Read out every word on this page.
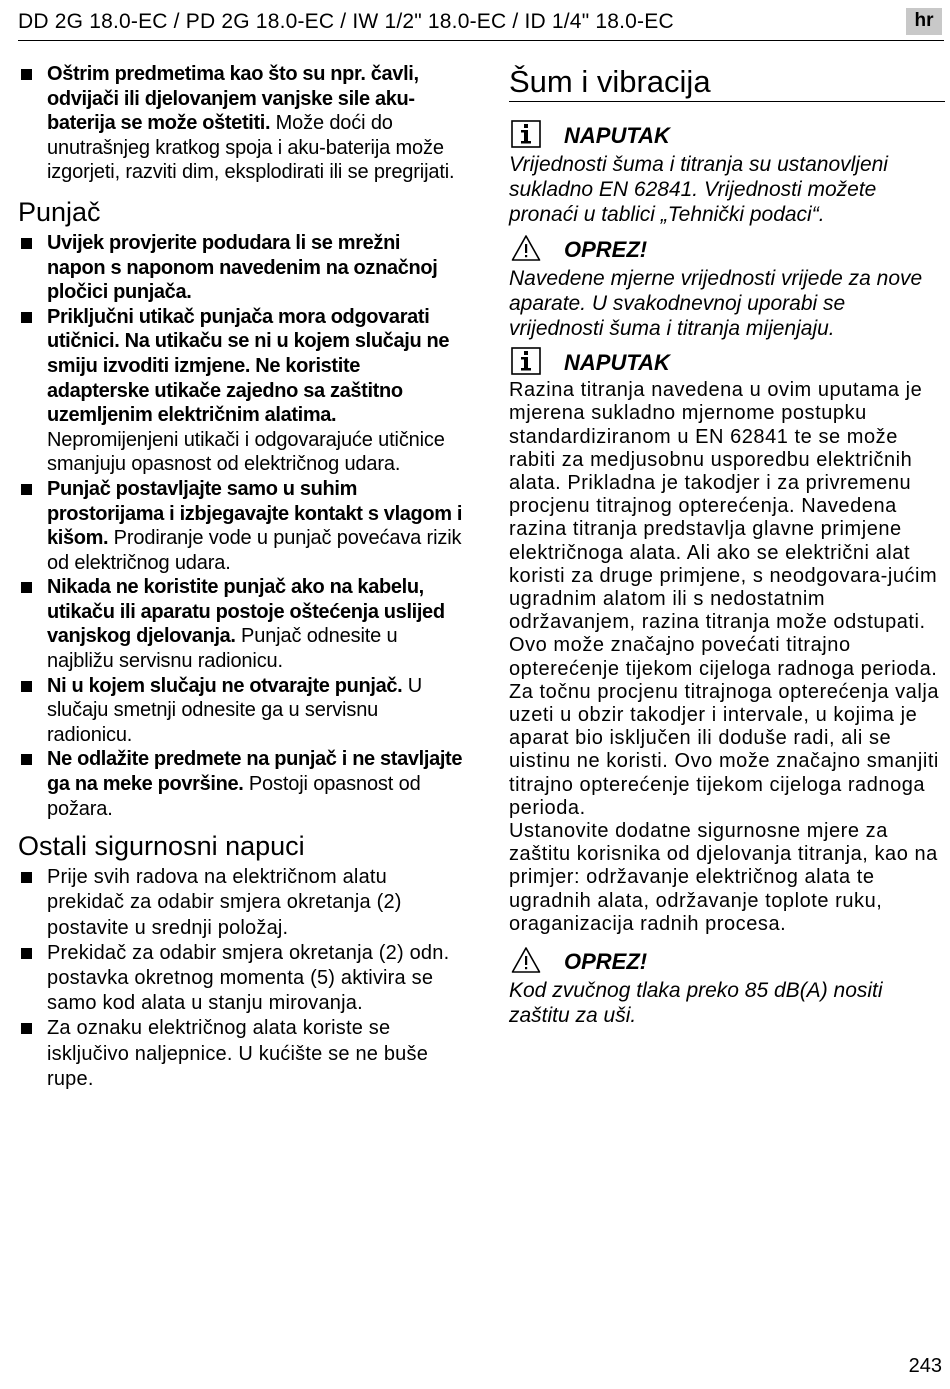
DD 2G 18.0-EC / PD 2G 18.0-EC / IW 1/2" 18.0-EC / ID 1/4" 18.0-EC	hr
Oštrim predmetima kao što su npr. čavli, odvijači ili djelovanjem vanjske sile aku-baterija se može oštetiti. Može doći do unutrašnjeg kratkog spoja i aku-baterija može izgorjeti, razviti dim, eksplodirati ili se pregrijati.
Punjač
Uvijek provjerite podudara li se mrežni napon s naponom navedenim na označnoj pločici punjača.
Priključni utikač punjača mora odgovarati utičnici. Na utikaču se ni u kojem slučaju ne smiju izvoditi izmjene. Ne koristite adapterske utikače zajedno sa zaštitno uzemljenim električnim alatima. Nepromijenjeni utikači i odgovarajuće utičnice smanjuju opasnost od električnog udara.
Punjač postavljajte samo u suhim prostorijama i izbjegavajte kontakt s vlagom i kišom. Prodiranje vode u punjač povećava rizik od električnog udara.
Nikada ne koristite punjač ako na kabelu, utikaču ili aparatu postoje oštećenja uslijed vanjskog djelovanja. Punjač odnesite u najbližu servisnu radionicu.
Ni u kojem slučaju ne otvarajte punjač. U slučaju smetnji odnesite ga u servisnu radionicu.
Ne odlažite predmete na punjač i ne stavljajte ga na meke površine. Postoji opasnost od požara.
Ostali sigurnosni napuci
Prije svih radova na električnom alatu prekidač za odabir smjera okretanja (2) postavite u srednji položaj.
Prekidač za odabir smjera okretanja (2) odn. postavka okretnog momenta (5) aktivira se samo kod alata u stanju mirovanja.
Za oznaku električnog alata koriste se isključivo naljepnice. U kućište se ne buše rupe.
Šum i vibracija
NAPUTAK
Vrijednosti šuma i titranja su ustanovljeni sukladno EN 62841. Vrijednosti možete pronaći u tablici „Tehnički podaci“.
OPREZ!
Navedene mjerne vrijednosti vrijede za nove aparate. U svakodnevnoj uporabi se vrijednosti šuma i titranja mijenjaju.
NAPUTAK
Razina titranja navedena u ovim uputama je mjerena sukladno mjernome postupku standardiziranom u EN 62841 te se može rabiti za medjusobnu usporedbu električnih alata. Prikladna je takodjer i za privremenu procjenu titrajnog opterećenja. Navedena razina titranja predstavlja glavne primjene električnoga alata. Ali ako se električni alat koristi za druge primjene, s neodgovara-jućim ugradnim alatom ili s nedostatnim održavanjem, razina titranja može odstupati. Ovo može značajno povećati titrajno opterećenje tijekom cijeloga radnoga perioda.
Za točnu procjenu titrajnoga opterećenja valja uzeti u obzir takodjer i intervale, u kojima je aparat bio isključen ili doduše radi, ali se uistinu ne koristi. Ovo može značajno smanjiti titrajno opterećenje tijekom cijeloga radnoga perioda.
Ustanovite dodatne sigurnosne mjere za zaštitu korisnika od djelovanja titranja, kao na primjer: održavanje električnog alata te ugradnih alata, održavanje toplote ruku, oraganizacija radnih procesa.
OPREZ!
Kod zvučnog tlaka preko 85 dB(A) nositi zaštitu za uši.
243
